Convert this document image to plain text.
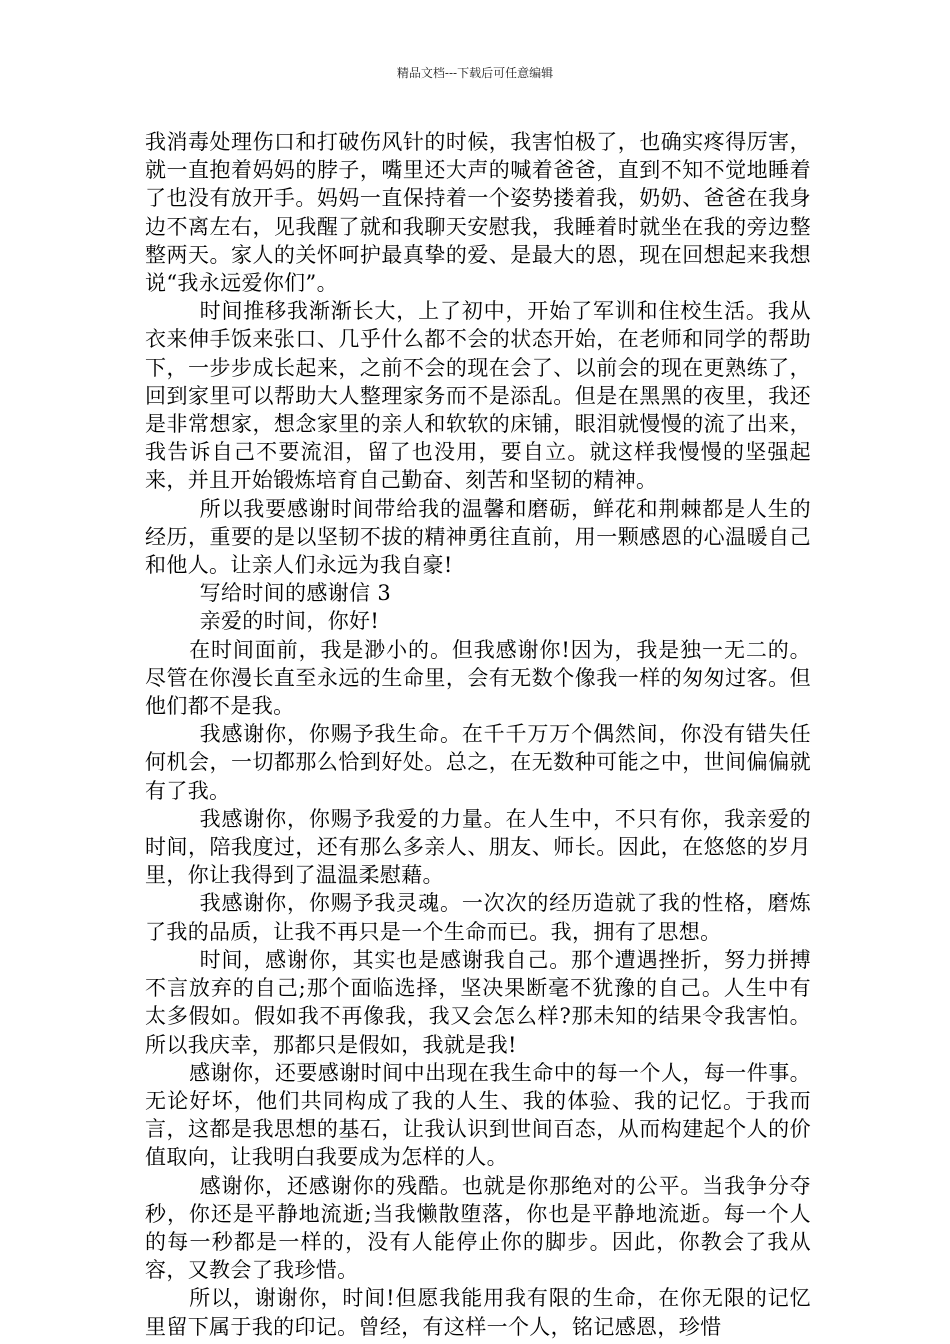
精品文档---下载后可任意编辑

我消毒处理伤口和打破伤风针的时候，我害怕极了，也确实疼得厉害，就一直抱着妈妈的脖子，嘴里还大声的喊着爸爸，直到不知不觉地睡着了也没有放开手。妈妈一直保持着一个姿势搂着我，奶奶、爸爸在我身边不离左右，见我醒了就和我聊天安慰我，我睡着时就坐在我的旁边整整两天。家人的关怀呵护最真挚的爱、是最大的恩，现在回想起来我想说“我永远爱你们”。

时间推移我渐渐长大，上了初中，开始了军训和住校生活。我从衣来伸手饭来张口、几乎什么都不会的状态开始，在老师和同学的帮助下，一步步成长起来，之前不会的现在会了、以前会的现在更熟练了，回到家里可以帮助大人整理家务而不是添乱。但是在黑黑的夜里，我还是非常想家，想念家里的亲人和软软的床铺，眼泪就慢慢的流了出来，我告诉自己不要流泪，留了也没用，要自立。就这样我慢慢的坚强起来，并且开始锻炼培育自己勤奋、刻苦和坚韧的精神。

所以我要感谢时间带给我的温馨和磨砺，鲜花和荆棘都是人生的经历，重要的是以坚韧不拔的精神勇往直前，用一颗感恩的心温暖自己和他人。让亲人们永远为我自豪!

写给时间的感谢信 3

亲爱的时间，你好!

在时间面前，我是渺小的。但我感谢你!因为，我是独一无二的。尽管在你漫长直至永远的生命里，会有无数个像我一样的匆匆过客。但他们都不是我。

我感谢你，你赐予我生命。在千千万万个偶然间，你没有错失任何机会，一切都那么恰到好处。总之，在无数种可能之中，世间偏偏就有了我。

我感谢你，你赐予我爱的力量。在人生中，不只有你，我亲爱的时间，陪我度过，还有那么多亲人、朋友、师长。因此，在悠悠的岁月里，你让我得到了温温柔慰藉。

我感谢你，你赐予我灵魂。一次次的经历造就了我的性格，磨炼了我的品质，让我不再只是一个生命而已。我，拥有了思想。

时间，感谢你，其实也是感谢我自己。那个遭遇挫折，努力拼搏不言放弃的自己;那个面临选择，坚决果断毫不犹豫的自己。人生中有太多假如。假如我不再像我，我又会怎么样?那未知的结果令我害怕。所以我庆幸，那都只是假如，我就是我!

感谢你，还要感谢时间中出现在我生命中的每一个人，每一件事。无论好坏，他们共同构成了我的人生、我的体验、我的记忆。于我而言，这都是我思想的基石，让我认识到世间百态，从而构建起个人的价值取向，让我明白我要成为怎样的人。

感谢你，还感谢你的残酷。也就是你那绝对的公平。当我争分夺秒，你还是平静地流逝;当我懒散堕落，你也是平静地流逝。每一个人的每一秒都是一样的，没有人能停止你的脚步。因此，你教会了我从容，又教会了我珍惜。

所以，谢谢你，时间!但愿我能用我有限的生命，在你无限的记忆里留下属于我的印记。曾经，有这样一个人，铭记感恩，珍惜
